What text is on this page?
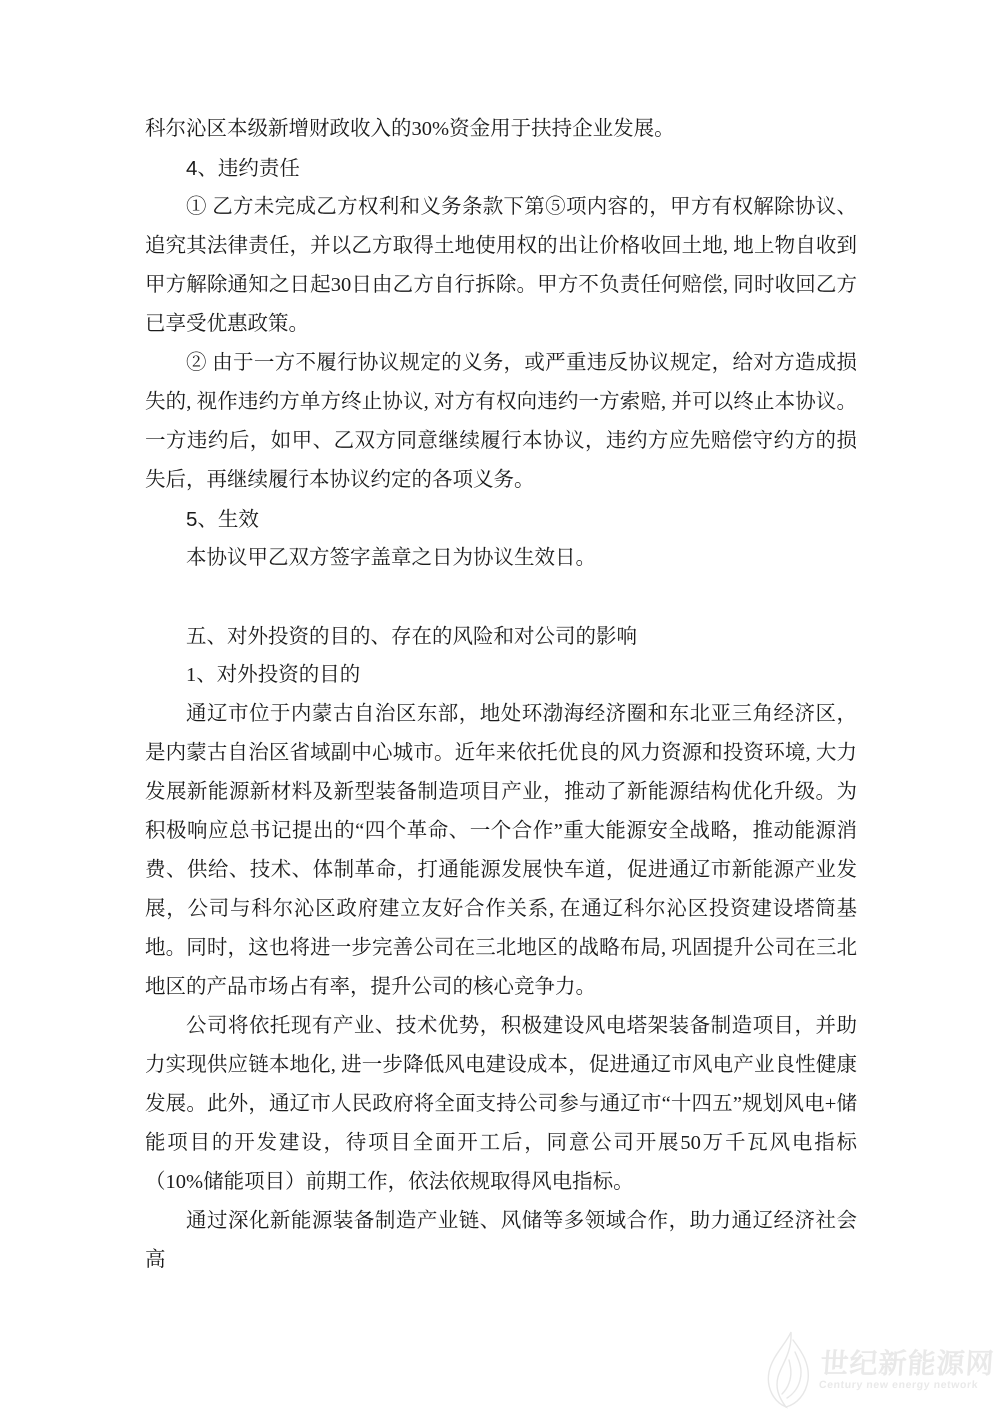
科尔沁区本级新增财政收入的30%资金用于扶持企业发展。

4、违约责任

① 乙方未完成乙方权利和义务条款下第⑤项内容的，甲方有权解除协议、追究其法律责任，并以乙方取得土地使用权的出让价格收回土地, 地上物自收到甲方解除通知之日起30日由乙方自行拆除。甲方不负责任何赔偿, 同时收回乙方已享受优惠政策。

② 由于一方不履行协议规定的义务，或严重违反协议规定，给对方造成损失的, 视作违约方单方终止协议, 对方有权向违约一方索赔, 并可以终止本协议。一方违约后，如甲、乙双方同意继续履行本协议，违约方应先赔偿守约方的损失后，再继续履行本协议约定的各项义务。

5、生效

本协议甲乙双方签字盖章之日为协议生效日。

五、对外投资的目的、存在的风险和对公司的影响

1、对外投资的目的

通辽市位于内蒙古自治区东部，地处环渤海经济圈和东北亚三角经济区，是内蒙古自治区省域副中心城市。近年来依托优良的风力资源和投资环境, 大力发展新能源新材料及新型装备制造项目产业，推动了新能源结构优化升级。为积极响应总书记提出的“四个革命、一个合作”重大能源安全战略，推动能源消费、供给、技术、体制革命，打通能源发展快车道，促进通辽市新能源产业发展，公司与科尔沁区政府建立友好合作关系, 在通辽科尔沁区投资建设塔筒基地。同时，这也将进一步完善公司在三北地区的战略布局, 巩固提升公司在三北地区的产品市场占有率，提升公司的核心竞争力。

公司将依托现有产业、技术优势，积极建设风电塔架装备制造项目，并助力实现供应链本地化, 进一步降低风电建设成本，促进通辽市风电产业良性健康发展。此外，通辽市人民政府将全面支持公司参与通辽市“十四五”规划风电+储能项目的开发建设，待项目全面开工后，同意公司开展50万千瓦风电指标（10%储能项目）前期工作，依法依规取得风电指标。

通过深化新能源装备制造产业链、风储等多领域合作，助力通辽经济社会高

世纪新能源网
Century new energy network
